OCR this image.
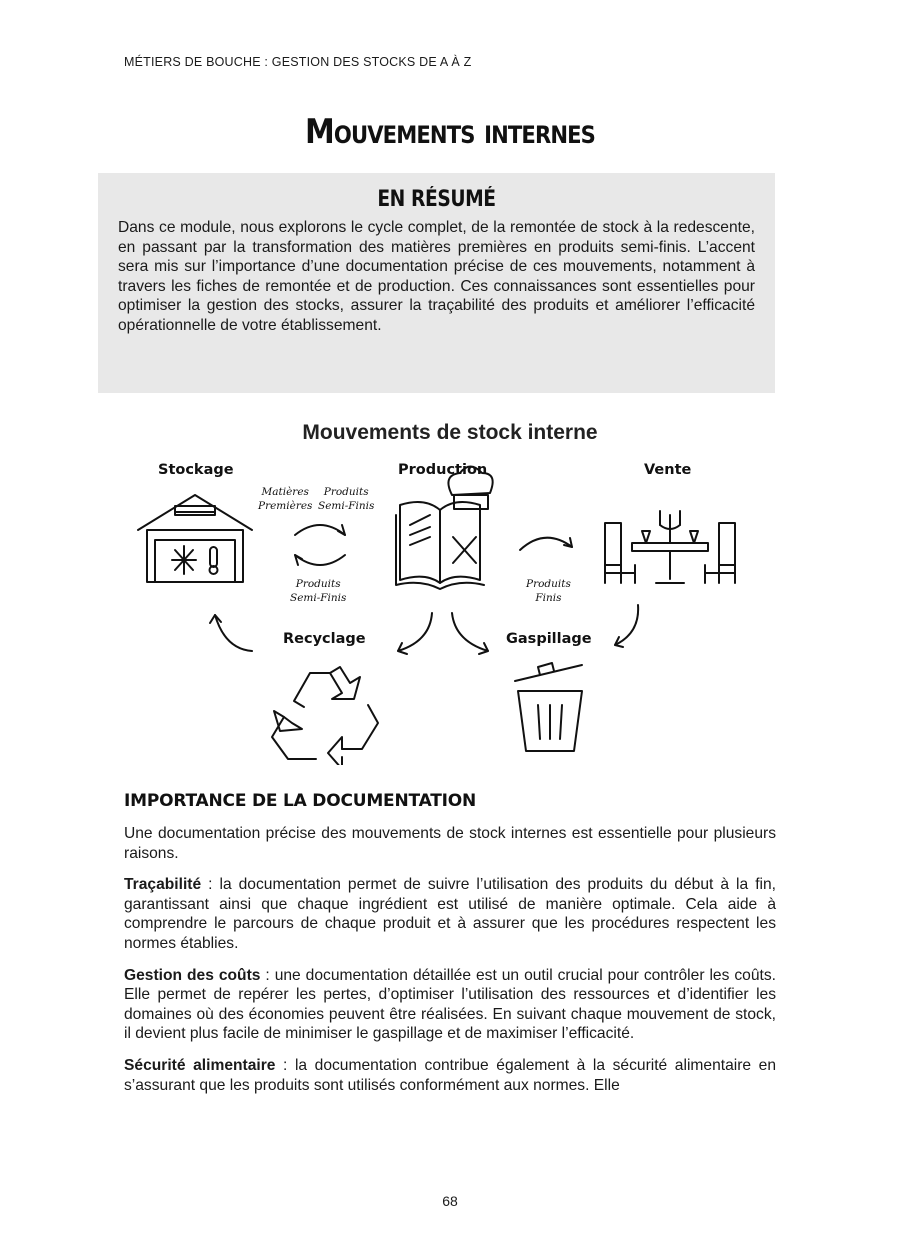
MÉTIERS DE BOUCHE : GESTION DES STOCKS DE A À Z
Mouvements internes
EN RÉSUMÉ

Dans ce module, nous explorons le cycle complet, de la remontée de stock à la redescente, en passant par la transformation des matières premières en produits semi-finis. L’accent sera mis sur l’importance d’une documentation précise de ces mouvements, notamment à travers les fiches de remontée et de production. Ces connaissances sont essentielles pour optimiser la gestion des stocks, assurer la traçabilité des produits et améliorer l’efficacité opérationnelle de votre établissement.

Mouvements de stock interne
Stockage	Production	Vente
Recyclage	Gaspillage
Matières
Premières
Produits
Semi-Finis
Produits
Semi-Finis
Produits
Finis
IMPORTANCE DE LA DOCUMENTATION

Une documentation précise des mouvements de stock internes est essentielle pour plusieurs raisons.

Traçabilité : la documentation permet de suivre l’utilisation des produits du début à la fin, garantissant ainsi que chaque ingrédient est utilisé de manière optimale. Cela aide à comprendre le parcours de chaque produit et à assurer que les procédures respectent les normes établies.

Gestion des coûts : une documentation détaillée est un outil crucial pour contrôler les coûts. Elle permet de repérer les pertes, d’optimiser l’utilisation des ressources et d’identifier les domaines où des économies peuvent être réalisées. En suivant chaque mouvement de stock, il devient plus facile de minimiser le gaspillage et de maximiser l’efficacité.

Sécurité alimentaire : la documentation contribue également à la sécurité alimentaire en s’assurant que les produits sont utilisés conformément aux normes. Elle

68
